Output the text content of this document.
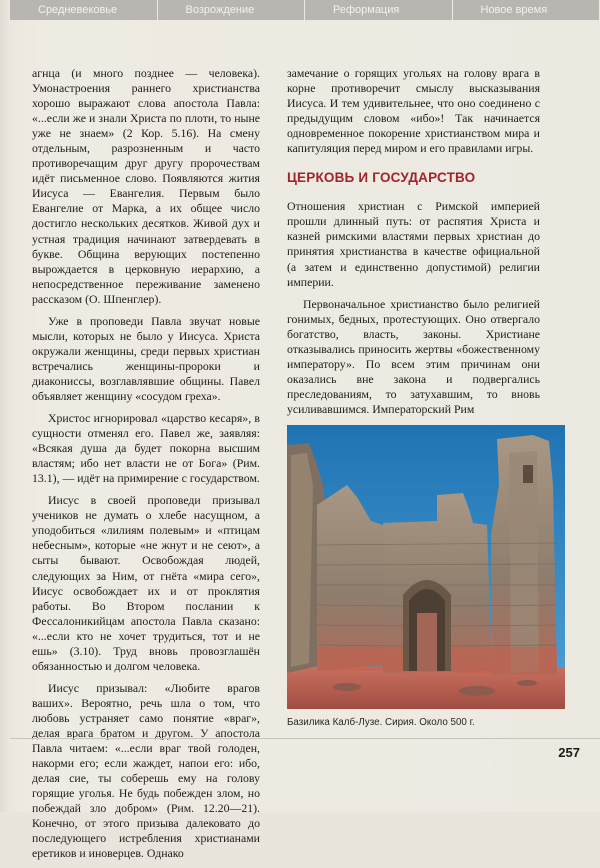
Средневековье	Возрождение	Реформация	Новое время

агнца (и много позднее — человека). Умонастроения раннего христианства хорошо выражают слова апостола Павла: «...если же и знали Христа по плоти, то ныне уже не знаем» (2 Кор. 5.16). На смену отдельным, разрозненным и часто противоречащим друг другу пророчествам идёт письменное слово. Появляются жития Иисуса — Евангелия. Первым было Евангелие от Марка, а их общее число достигло нескольких десятков. Живой дух и устная традиция начинают затвердевать в букве. Община верующих постепенно вырождается в церковную иерархию, а непосредственное переживание заменено рассказом (О. Шпенглер).

Уже в проповеди Павла звучат новые мысли, которых не было у Иисуса. Христа окружали женщины, среди первых христиан встречались женщины-пророки и диакониссы, возглавлявшие общины. Павел объявляет женщину «сосудом греха».

Христос игнорировал «царство кесаря», в сущности отменял его. Павел же, заявляя: «Всякая душа да будет покорна высшим властям; ибо нет власти не от Бога» (Рим. 13.1), — идёт на примирение с государством.

Иисус в своей проповеди призывал учеников не думать о хлебе насущном, а уподобиться «лилиям полевым» и «птицам небесным», которые «не жнут и не сеют», а сыты бывают. Освобождая людей, следующих за Ним, от гнёта «мира сего», Иисус освобождает их и от проклятия работы. Во Втором послании к Фессалоникийцам апостола Павла сказано: «...если кто не хочет трудиться, тот и не ешь» (3.10). Труд вновь провозглашён обязанностью и долгом человека.

Иисус призывал: «Любите врагов ваших». Вероятно, речь шла о том, что любовь устраняет само понятие «враг», делая врага братом и другом. У апостола Павла читаем: «...если враг твой голоден, накорми его; если жаждет, напои его: ибо, делая сие, ты соберешь ему на голову горящие уголья. Не будь побежден злом, но побеждай зло добром» (Рим. 12.20—21). Конечно, от этого призыва далековато до последующего истребления христианами еретиков и иноверцев. Однако

замечание о горящих угольях на голову врага в корне противоречит смыслу высказывания Иисуса. И тем удивительнее, что оно соединено с предыдущим словом «ибо»! Так начинается одновременное покорение христианством мира и капитуляция перед миром и его правилами игры.

ЦЕРКОВЬ И ГОСУДАРСТВО

Отношения христиан с Римской империей прошли длинный путь: от распятия Христа и казней римскими властями первых христиан до принятия христианства в качестве официальной (а затем и единственно допустимой) религии империи.

Первоначальное христианство было религией гонимых, бедных, протестующих. Оно отвергало богатство, власть, законы. Христиане отказывались приносить жертвы «божественному императору». По всем этим причинам они оказались вне закона и подвергались преследованиям, то затухавшим, то вновь усиливавшимся. Императорский Рим

Базилика Калб-Лузе. Сирия. Около 500 г.
257
